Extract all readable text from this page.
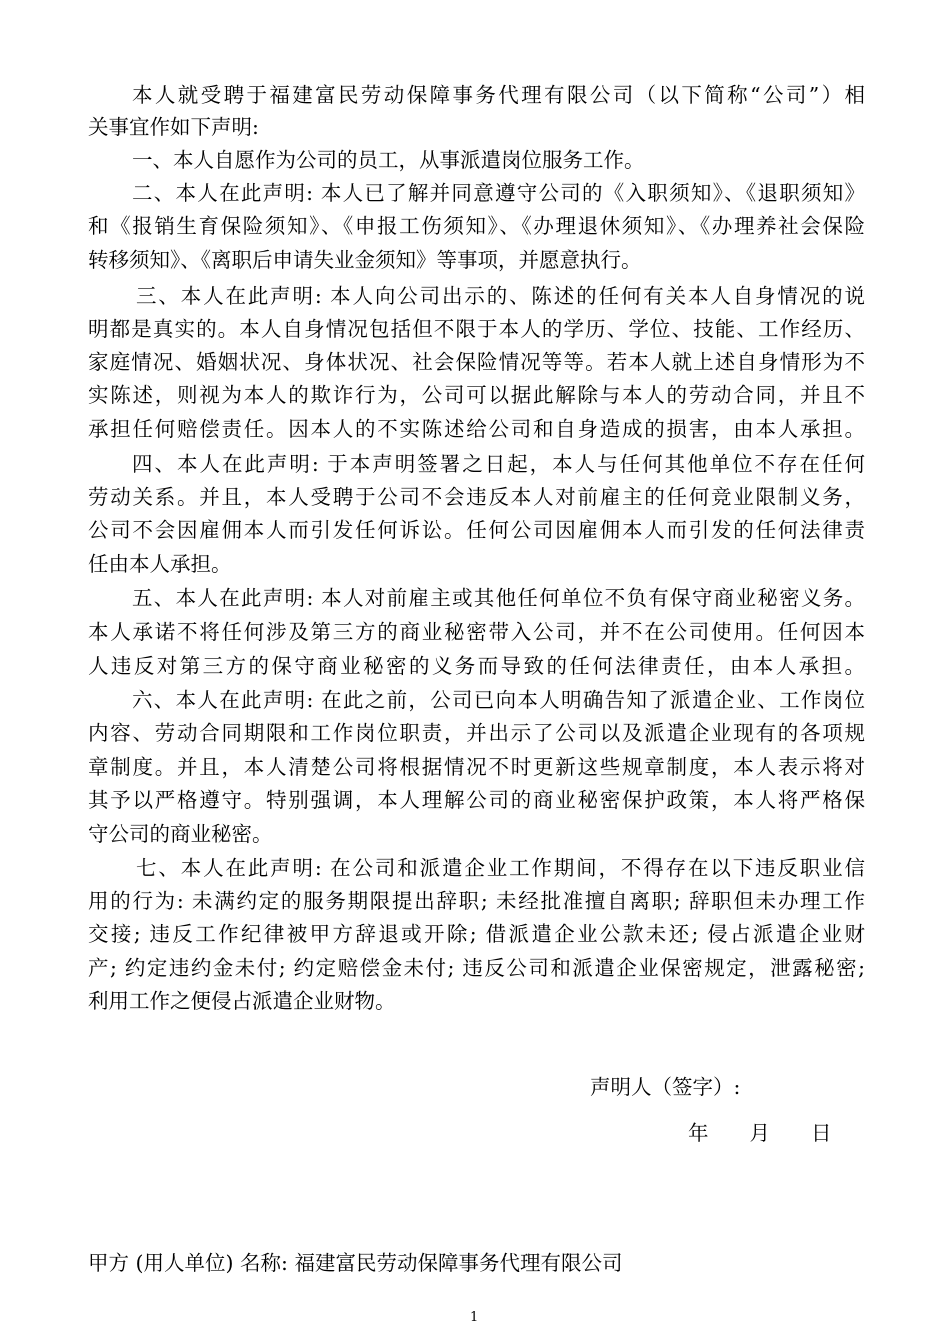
本人就受聘于福建富民劳动保障事务代理有限公司（以下简称“公司”）相
关事宜作如下声明:
一、本人自愿作为公司的员工，从事派遣岗位服务工作。
二、本人在此声明: 本人已了解并同意遵守公司的《入职须知》、《退职须知》
和《报销生育保险须知》、《申报工伤须知》、《办理退休须知》、《办理养社会保险
转移须知》、《离职后申请失业金须知》等事项，并愿意执行。
三、本人在此声明: 本人向公司出示的、陈述的任何有关本人自身情况的说
明都是真实的。本人自身情况包括但不限于本人的学历、学位、技能、工作经历、
家庭情况、婚姻状况、身体状况、社会保险情况等等。若本人就上述自身情形为不
实陈述，则视为本人的欺诈行为，公司可以据此解除与本人的劳动合同，并且不
承担任何赔偿责任。因本人的不实陈述给公司和自身造成的损害，由本人承担。
四、本人在此声明: 于本声明签署之日起，本人与任何其他单位不存在任何
劳动关系。并且，本人受聘于公司不会违反本人对前雇主的任何竞业限制义务，
公司不会因雇佣本人而引发任何诉讼。任何公司因雇佣本人而引发的任何法律责
任由本人承担。
五、本人在此声明: 本人对前雇主或其他任何单位不负有保守商业秘密义务。
本人承诺不将任何涉及第三方的商业秘密带入公司，并不在公司使用。任何因本
人违反对第三方的保守商业秘密的义务而导致的任何法律责任，由本人承担。
六、本人在此声明: 在此之前，公司已向本人明确告知了派遣企业、工作岗位
内容、劳动合同期限和工作岗位职责，并出示了公司以及派遣企业现有的各项规
章制度。并且，本人清楚公司将根据情况不时更新这些规章制度，本人表示将对
其予以严格遵守。特别强调，本人理解公司的商业秘密保护政策，本人将严格保
守公司的商业秘密。
七、本人在此声明: 在公司和派遣企业工作期间，不得存在以下违反职业信
用的行为: 未满约定的服务期限提出辞职; 未经批准擅自离职; 辞职但未办理工作
交接; 违反工作纪律被甲方辞退或开除; 借派遣企业公款未还; 侵占派遣企业财
产; 约定违约金未付; 约定赔偿金未付; 违反公司和派遣企业保密规定，泄露秘密;
利用工作之便侵占派遣企业财物。
声明人（签字）:
年　　月　　日
甲方 (用人单位) 名称: 福建富民劳动保障事务代理有限公司
1
